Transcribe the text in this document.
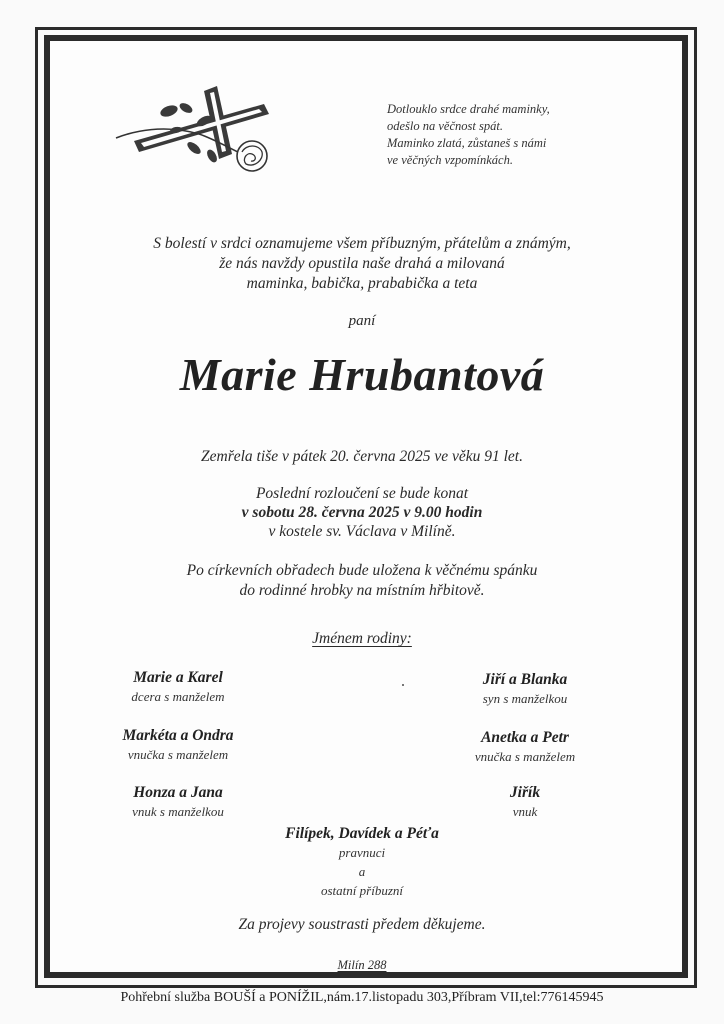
Dotlouklo srdce drahé maminky,
odešlo na věčnost spát.
Maminko zlatá, zůstaneš s námi
ve věčných vzpomínkách.
S bolestí v srdci oznamujeme všem příbuzným, přátelům a známým,
že nás navždy opustila naše drahá a milovaná
maminka, babička, prababička a teta
paní
Marie Hrubantová
Zemřela tiše v pátek 20. června 2025 ve věku 91 let.
Poslední rozloučení se bude konat
v sobotu 28. června 2025 v 9.00 hodin
v kostele sv. Václava v Milíně.
Po církevních obřadech bude uložena k věčnému spánku
do rodinné hrobky na místním hřbitově.
Jménem rodiny:
Marie a Karel
dcera s manželem
Jiří a Blanka
syn s manželkou
Markéta a Ondra
vnučka s manželem
Anetka a Petr
vnučka s manželem
Honza a Jana
vnuk s manželkou
Jiřík
vnuk
Filípek, Davídek a Péťa
pravnuci
a
ostatní příbuzní
Za projevy soustrasti předem děkujeme.
Milín 288
Pohřební služba BOUŠÍ a PONÍŽIL,nám.17.listopadu 303,Příbram VII,tel:776145945
